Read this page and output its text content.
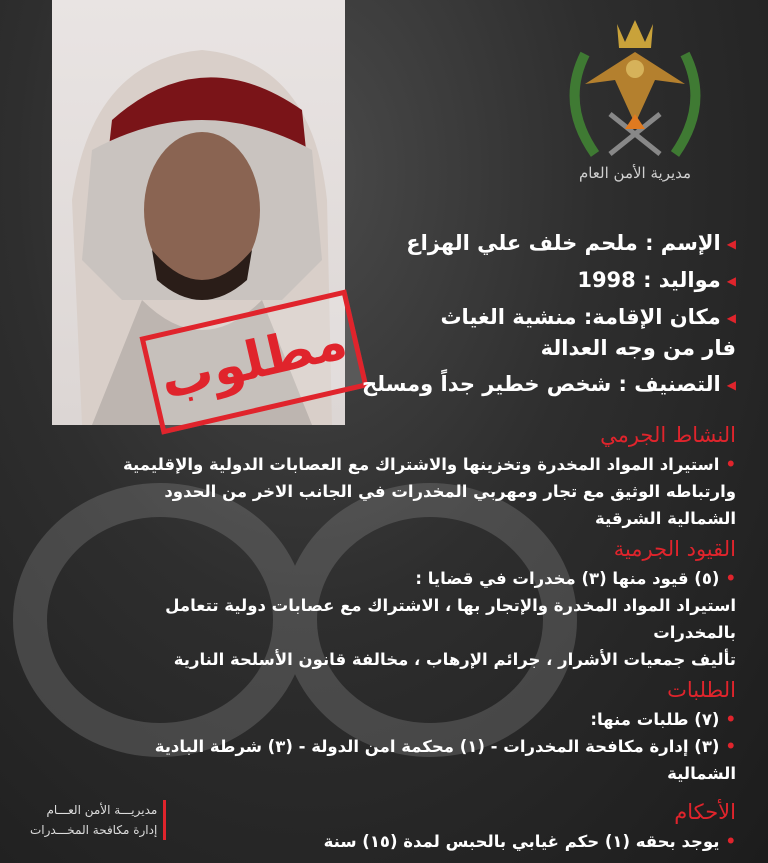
مطلوب
مديرية الأمن العام
◀الإسم : ملحم خلف علي الهزاع
◀مواليد : 1998
◀مكان الإقامة: منشية الغياث
فار من وجه العدالة
◀التصنيف : شخص خطير جداً ومسلح
النشاط الجرمي
•استيراد المواد المخدرة وتخزينها والاشتراك مع العصابات الدولية والإقليمية وارتباطه الوثيق مع تجار ومهربي المخدرات في الجانب الاخر من الحدود الشمالية الشرقية
القيود الجرمية
•(٥) قيود منها (٣) مخدرات في قضايا :
استيراد المواد المخدرة والإتجار بها ، الاشتراك مع عصابات دولية تتعامل بالمخدرات
تأليف جمعيات الأشرار ، جرائم الإرهاب ، مخالفة قانون الأسلحة النارية
الطلبات
•(٧) طلبات منها:
•(٣) إدارة مكافحة المخدرات - (١) محكمة امن الدولة - (٣) شرطة البادية الشمالية
الأحكام
•يوجد بحقه (١) حكم غيابي بالحبس لمدة (١٥) سنة
مديريـــة الأمن العـــام
إدارة مكافحة المخـــدرات
